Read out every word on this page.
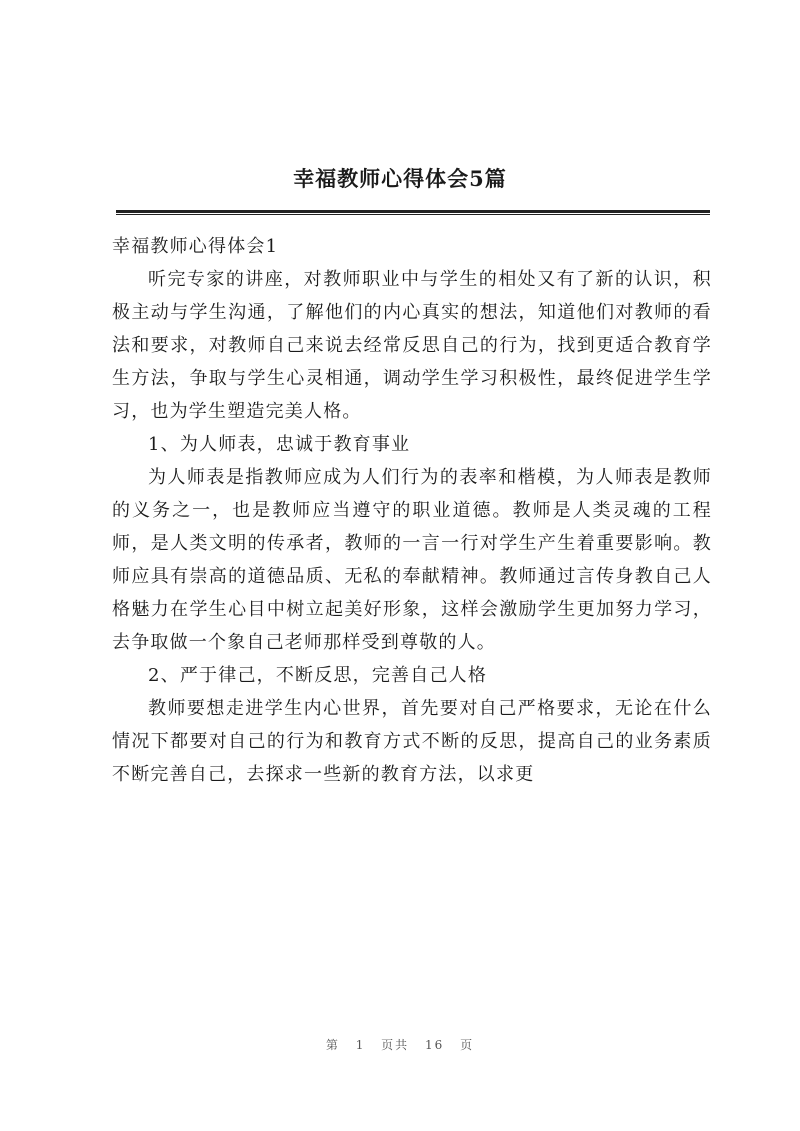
幸福教师心得体会5篇

幸福教师心得体会1

听完专家的讲座，对教师职业中与学生的相处又有了新的认识，积极主动与学生沟通，了解他们的内心真实的想法，知道他们对教师的看法和要求，对教师自己来说去经常反思自己的行为，找到更适合教育学生方法，争取与学生心灵相通，调动学生学习积极性，最终促进学生学习，也为学生塑造完美人格。

1、为人师表，忠诚于教育事业

为人师表是指教师应成为人们行为的表率和楷模，为人师表是教师的义务之一，也是教师应当遵守的职业道德。教师是人类灵魂的工程师，是人类文明的传承者，教师的一言一行对学生产生着重要影响。教师应具有崇高的道德品质、无私的奉献精神。教师通过言传身教自己人格魅力在学生心目中树立起美好形象，这样会激励学生更加努力学习，去争取做一个象自己老师那样受到尊敬的人。

2、严于律己，不断反思，完善自己人格

教师要想走进学生内心世界，首先要对自己严格要求，无论在什么情况下都要对自己的行为和教育方式不断的反思，提高自己的业务素质不断完善自己，去探求一些新的教育方法，以求更

第 1 页共 16 页
